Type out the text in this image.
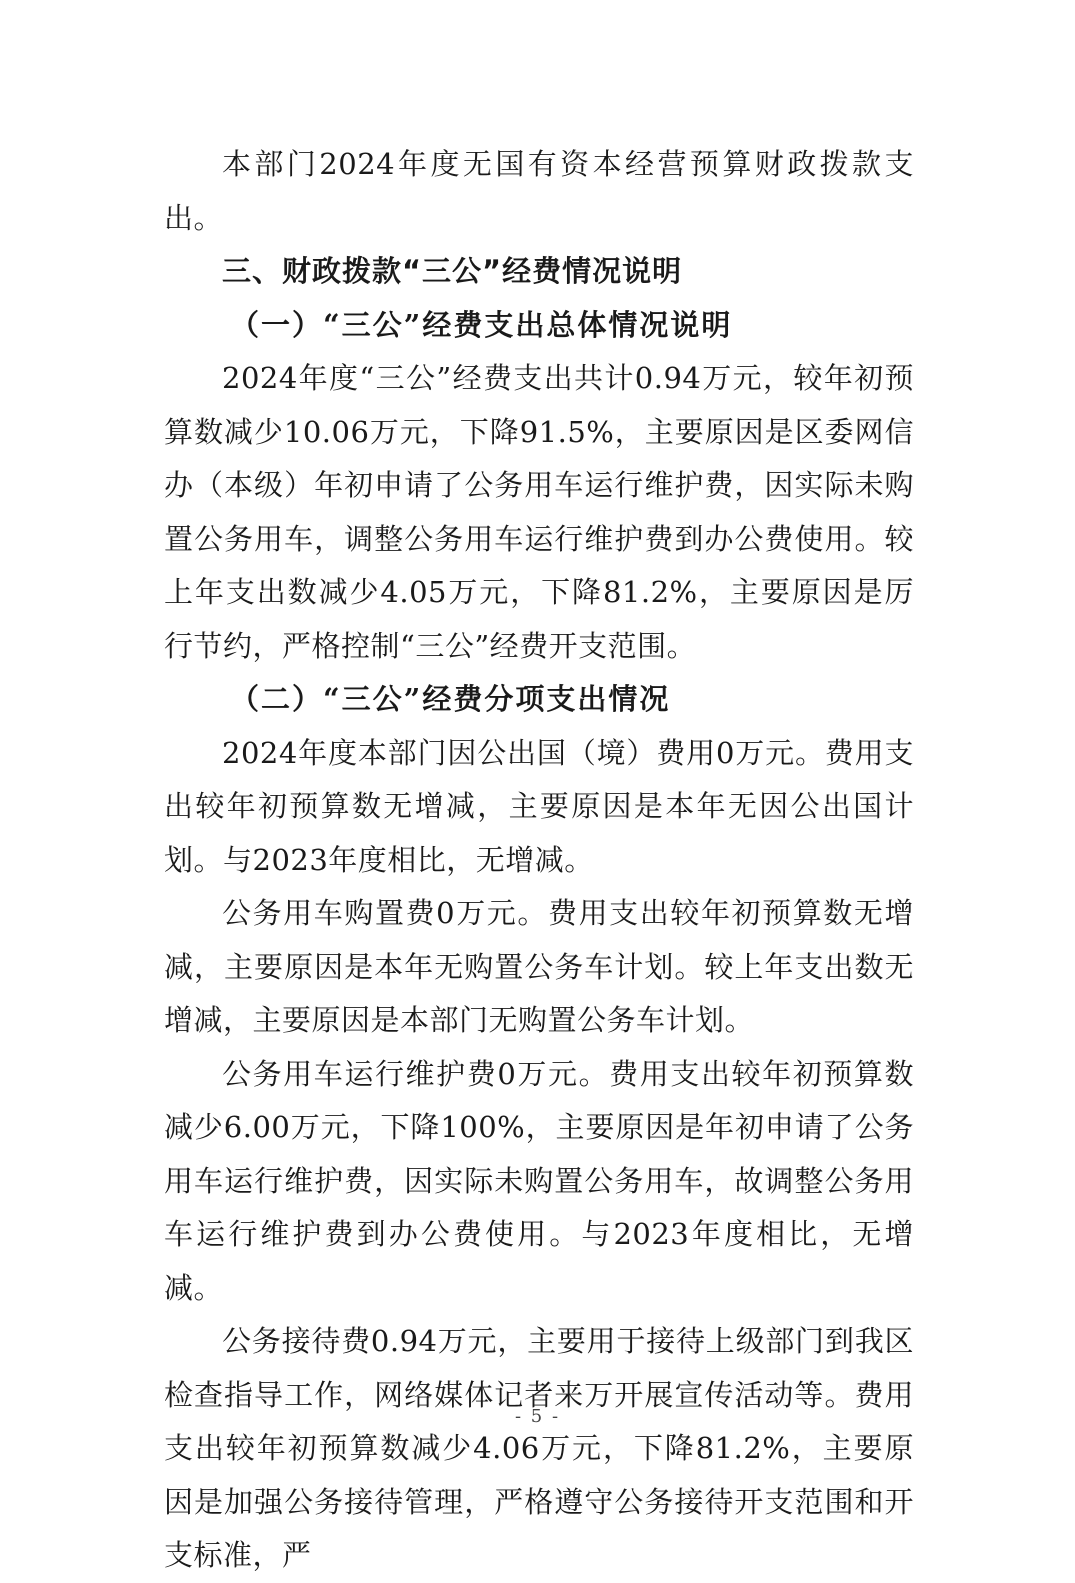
本部门2024年度无国有资本经营预算财政拨款支出。

三、财政拨款“三公”经费情况说明

（一）“三公”经费支出总体情况说明

2024年度“三公”经费支出共计0.94万元，较年初预算数减少10.06万元，下降91.5%，主要原因是区委网信办（本级）年初申请了公务用车运行维护费，因实际未购置公务用车，调整公务用车运行维护费到办公费使用。较上年支出数减少4.05万元，下降81.2%，主要原因是厉行节约，严格控制“三公”经费开支范围。

（二）“三公”经费分项支出情况

2024年度本部门因公出国（境）费用0万元。费用支出较年初预算数无增减，主要原因是本年无因公出国计划。与2023年度相比，无增减。

公务用车购置费0万元。费用支出较年初预算数无增减，主要原因是本年无购置公务车计划。较上年支出数无增减，主要原因是本部门无购置公务车计划。

公务用车运行维护费0万元。费用支出较年初预算数减少6.00万元，下降100%，主要原因是年初申请了公务用车运行维护费，因实际未购置公务用车，故调整公务用车运行维护费到办公费使用。与2023年度相比，无增减。

公务接待费0.94万元，主要用于接待上级部门到我区检查指导工作，网络媒体记者来万开展宣传活动等。费用支出较年初预算数减少4.06万元，下降81.2%，主要原因是加强公务接待管理，严格遵守公务接待开支范围和开支标准，严

- 5 -
